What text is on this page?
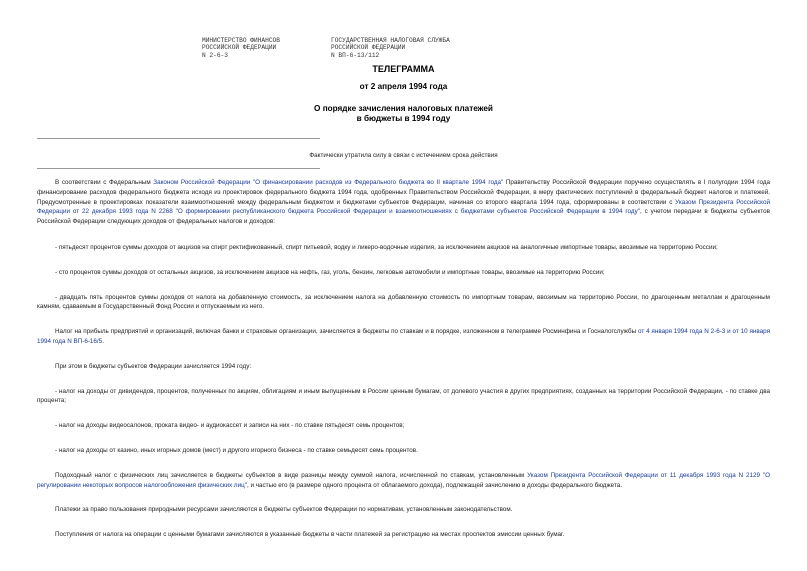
МИНИСТЕРСТВО ФИНАНСОВ
РОССИЙСКОЙ ФЕДЕРАЦИИ
N 2-6-3
ГОСУДАРСТВЕННАЯ НАЛОГОВАЯ СЛУЖБА
РОССИЙСКОЙ ФЕДЕРАЦИИ
N ВП-6-13/112
ТЕЛЕГРАММА
от 2 апреля 1994 года
О порядке зачисления налоговых платежей
в бюджеты в 1994 году
Фактически утратила силу в связи с истечением срока действия

В соответствии с Федеральным Законом Российской Федерации "О финансировании расходов из Федерального бюджета во II квартале 1994 года" Правительству Российской Федерации поручено осуществлять в I полугодии 1994 года финансирование расходов федерального бюджета исходя из проектировок федерального бюджета 1994 года, одобренных Правительством Российской Федерации, в меру фактических поступлений в федеральный бюджет налогов и платежей. Предусмотренные в проектировках показатели взаимоотношений между федеральным бюджетом и бюджетами субъектов Федерации, начиная со второго квартала 1994 года, сформированы в соответствии с Указом Президента Российской Федерации от 22 декабря 1993 года N 2268 "О формировании республиканского бюджета Российской Федерации и взаимоотношениях с бюджетами субъектов Российской Федерации в 1994 году", с учетом передачи в бюджеты субъектов Российской Федерации следующих доходов от федеральных налогов и доходов:

- пятьдесят процентов суммы доходов от акцизов на спирт ректификованный, спирт питьевой, водку и ликеро-водочные изделия, за исключением акцизов на аналогичные импортные товары, ввозимые на территорию России;

- сто процентов суммы доходов от остальных акцизов, за исключением акцизов на нефть, газ, уголь, бензин, легковые автомобили и импортные товары, ввозимые на территорию России;

- двадцать пять процентов суммы доходов от налога на добавленную стоимость, за исключением налога на добавленную стоимость по импортным товарам, ввозимым на территорию России, по драгоценным металлам и драгоценным камням, сдаваемым в Государственный Фонд России и отпускаемым из него.

Налог на прибыль предприятий и организаций, включая банки и страховые организации, зачисляется в бюджеты по ставкам и в порядке, изложенном в телеграмме Росминфина и Госналогслужбы от 4 января 1994 года N 2-6-3 и от 10 января 1994 года N ВП-6-16/5.

При этом в бюджеты субъектов Федерации зачисляется 1994 году:

- налог на доходы от дивидендов, процентов, полученных по акциям, облигациям и иным выпущенным в России ценным бумагам, от долевого участия в других предприятиях, созданных на территории Российской Федерации, - по ставке два процента;

- налог на доходы видеосалонов, проката видео- и аудиокассет и записи на них - по ставке пятьдесят семь процентов;

- налог на доходы от казино, иных игорных домов (мест) и другого игорного бизнеса - по ставке семьдесят семь процентов.

Подоходный налог с физических лиц зачисляется в бюджеты субъектов в виде разницы между суммой налога, исчисленной по ставкам, установленным Указом Президента Российской Федерации от 11 декабря 1993 года N 2129 "О регулировании некоторых вопросов налогообложения физических лиц", и частью его (в размере одного процента от облагаемого дохода), подлежащей зачислению в доходы федерального бюджета.

Платежи за право пользования природными ресурсами зачисляются в бюджеты субъектов Федерации по нормативам, установленным законодательством.

Поступления от налога на операции с ценными бумагами зачисляются в указанные бюджеты в части платежей за регистрацию на местах проспектов эмиссии ценных бумаг.
